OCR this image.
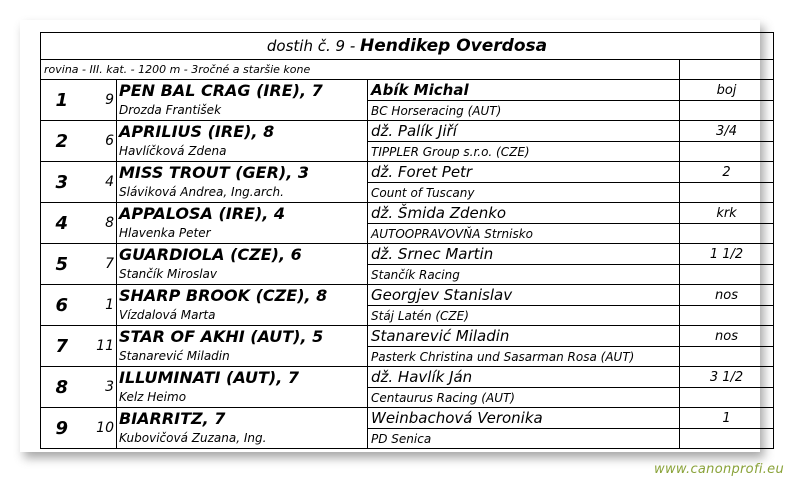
dostih č. 9 - Hendikep Overdosa				
rovina - III. kat. - 1200 m - 3ročné a staršie kone				
1	9	PEN BAL CRAG (IRE), 7	Abík Michal	boj
		Drozda František	BC Horseracing (AUT)	
2	6	APRILIUS (IRE), 8	dž. Palík Jiří	3/4
		Havlíčková Zdena	TIPPLER Group s.r.o. (CZE)	
3	4	MISS TROUT (GER), 3	dž. Foret Petr	2
		Sláviková Andrea, Ing.arch.	Count of Tuscany	
4	8	APPALOSA (IRE), 4	dž. Šmida Zdenko	krk
		Hlavenka Peter	AUTOOPRAVOVŇA Strnisko	
5	7	GUARDIOLA (CZE), 6	dž. Srnec Martin	1 1/2
		Stančík Miroslav	Stančík Racing	
6	1	SHARP BROOK (CZE), 8	Georgjev Stanislav	nos
		Vízdalová Marta	Stáj Latén (CZE)	
7	11	STAR OF AKHI (AUT), 5	Stanarević Miladin	nos
		Stanarević Miladin	Pasterk Christina und Sasarman Rosa (AUT)	
8	3	ILLUMINATI (AUT), 7	dž. Havlík Ján	3 1/2
		Kelz Heimo	Centaurus Racing (AUT)	
9	10	BIARRITZ, 7	Weinbachová Veronika	1
		Kubovičová Zuzana, Ing.	PD Senica	
www.canonprofi.eu
